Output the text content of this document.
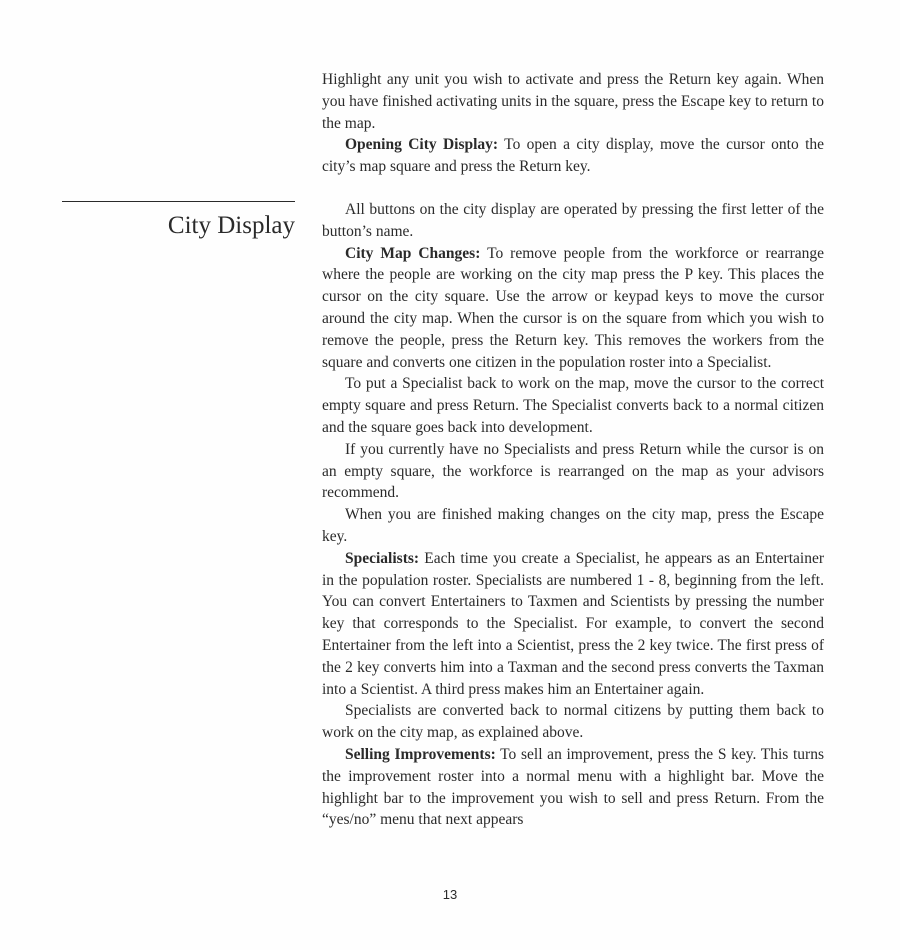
City Display

Highlight any unit you wish to activate and press the Return key again. When you have finished activating units in the square, press the Escape key to return to the map.

Opening City Display: To open a city display, move the cursor onto the city’s map square and press the Return key.

All buttons on the city display are operated by pressing the first letter of the button’s name.

City Map Changes: To remove people from the workforce or rearrange where the people are working on the city map press the P key. This places the cursor on the city square. Use the arrow or keypad keys to move the cursor around the city map. When the cursor is on the square from which you wish to remove the people, press the Return key. This removes the workers from the square and converts one citizen in the population roster into a Specialist.

To put a Specialist back to work on the map, move the cursor to the correct empty square and press Return. The Specialist converts back to a normal citizen and the square goes back into development.

If you currently have no Specialists and press Return while the cursor is on an empty square, the workforce is rearranged on the map as your advisors recommend.

When you are finished making changes on the city map, press the Escape key.

Specialists: Each time you create a Specialist, he appears as an Entertainer in the population roster. Specialists are numbered 1 - 8, beginning from the left. You can convert Entertainers to Taxmen and Scientists by pressing the number key that corresponds to the Specialist. For example, to convert the second Entertainer from the left into a Scientist, press the 2 key twice. The first press of the 2 key converts him into a Taxman and the second press converts the Taxman into a Scientist. A third press makes him an Entertainer again.

Specialists are converted back to normal citizens by putting them back to work on the city map, as explained above.

Selling Improvements: To sell an improvement, press the S key. This turns the improvement roster into a normal menu with a highlight bar. Move the highlight bar to the improvement you wish to sell and press Return. From the “yes/no” menu that next appears

13
